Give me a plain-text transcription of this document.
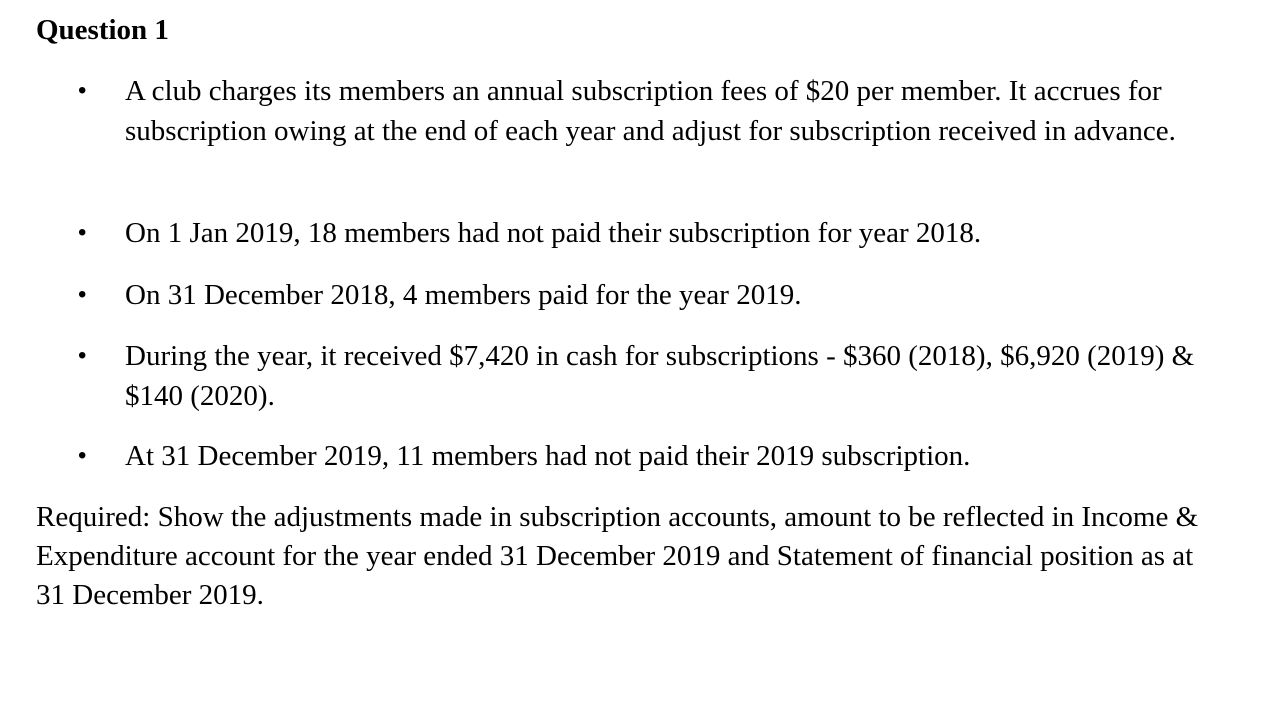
Question 1
•	A club charges its members an annual subscription fees of $20 per member. It accrues for subscription owing at the end of each year and adjust for subscription received in advance.
•	On 1 Jan 2019, 18 members had not paid their subscription for year 2018.
•	On 31 December 2018, 4 members paid for the year 2019.
•	During the year, it received $7,420 in cash for subscriptions - $360 (2018), $6,920 (2019) & $140 (2020).
•	At 31 December 2019, 11 members had not paid their 2019 subscription.

Required: Show the adjustments made in subscription accounts, amount to be reflected in Income & Expenditure account for the year ended 31 December 2019 and Statement of financial position as at 31 December 2019.
